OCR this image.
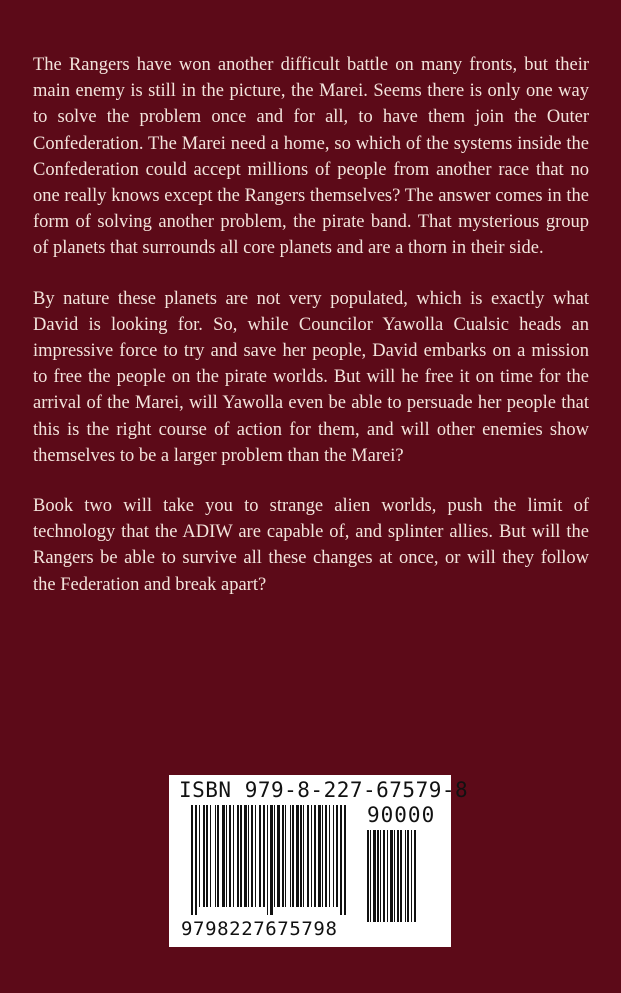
The Rangers have won another difficult battle on many fronts, but their main enemy is still in the picture, the Marei. Seems there is only one way to solve the problem once and for all, to have them join the Outer Confederation. The Marei need a home, so which of the systems inside the Confederation could accept millions of people from another race that no one really knows except the Rangers themselves? The answer comes in the form of solving another problem, the pirate band. That mysterious group of planets that surrounds all core planets and are a thorn in their side.

By nature these planets are not very populated, which is exactly what David is looking for. So, while Councilor Yawolla Cualsic heads an impressive force to try and save her people, David embarks on a mission to free the people on the pirate worlds. But will he free it on time for the arrival of the Marei, will Yawolla even be able to persuade her people that this is the right course of action for them, and will other enemies show themselves to be a larger problem than the Marei?

Book two will take you to strange alien worlds, push the limit of technology that the ADIW are capable of, and splinter allies. But will the Rangers be able to survive all these changes at once, or will they follow the Federation and break apart?

ISBN 979-8-227-67579-8
90000
9798227675798
